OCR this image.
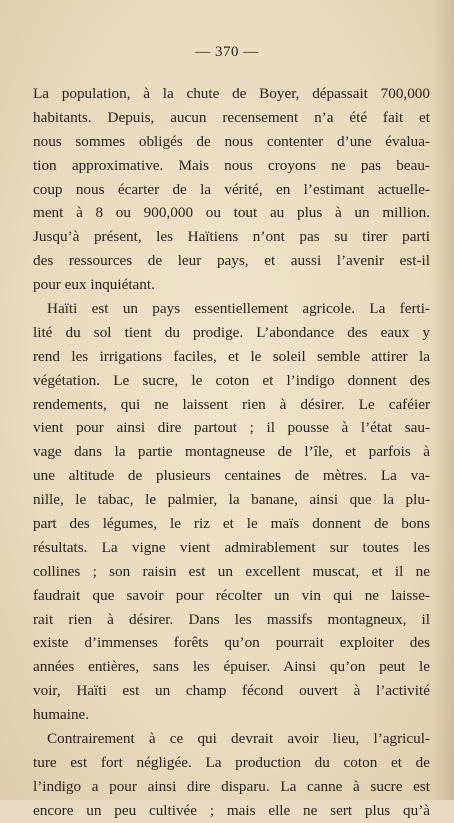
— 370 —
La population, à la chute de Boyer, dépassait 700,000
habitants. Depuis, aucun recensement n’a été fait et
nous sommes obligés de nous contenter d’une évalua-
tion approximative. Mais nous croyons ne pas beau-
coup nous écarter de la vérité, en l’estimant actuelle-
ment à 8 ou 900,000 ou tout au plus à un million.
Jusqu’à présent, les Haïtiens n’ont pas su tirer parti
des ressources de leur pays, et aussi l’avenir est-il
pour eux inquiétant.
Haïti est un pays essentiellement agricole. La ferti-
lité du sol tient du prodige. L’abondance des eaux y
rend les irrigations faciles, et le soleil semble attirer la
végétation. Le sucre, le coton et l’indigo donnent des
rendements, qui ne laissent rien à désirer. Le caféier
vient pour ainsi dire partout ; il pousse à l’état sau-
vage dans la partie montagneuse de l’île, et parfois à
une altitude de plusieurs centaines de mètres. La va-
nille, le tabac, le palmier, la banane, ainsi que la plu-
part des légumes, le riz et le maïs donnent de bons
résultats. La vigne vient admirablement sur toutes les
collines ; son raisin est un excellent muscat, et il ne
faudrait que savoir pour récolter un vin qui ne laisse-
rait rien à désirer. Dans les massifs montagneux, il
existe d’immenses forêts qu’on pourrait exploiter des
années entières, sans les épuiser. Ainsi qu’on peut le
voir, Haïti est un champ fécond ouvert à l’activité
humaine.
Contrairement à ce qui devrait avoir lieu, l’agricul-
ture est fort négligée. La production du coton et de
l’indigo a pour ainsi dire disparu. La canne à sucre est
encore un peu cultivée ; mais elle ne sert plus qu’à
